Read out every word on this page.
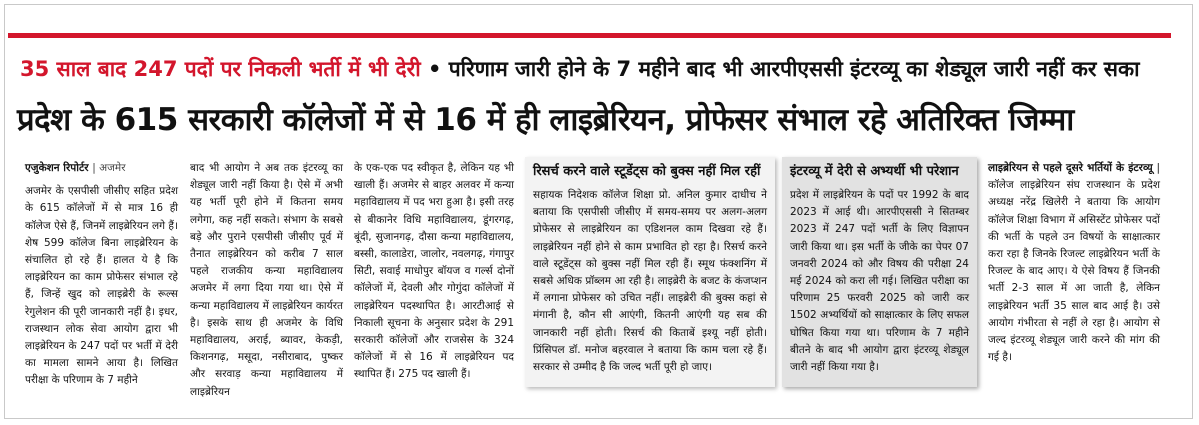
35 साल बाद 247 पदों पर निकली भर्ती में भी देरी • परिणाम जारी होने के 7 महीने बाद भी आरपीएससी इंटरव्यू का शेड्यूल जारी नहीं कर सका
प्रदेश के 615 सरकारी कॉलेजों में से 16 में ही लाइब्रेरियन, प्रोफेसर संभाल रहे अतिरिक्त जिम्मा
एजुकेशन रिपोर्टर | अजमेर

अजमेर के एसपीसी जीसीए सहित प्रदेश के 615 कॉलेजों में से मात्र 16 ही कॉलेज ऐसे हैं, जिनमें लाइब्रेरियन लगे हैं। शेष 599 कॉलेज बिना लाइब्रेरियन के संचालित हो रहे हैं। हालत ये है कि लाइब्रेरियन का काम प्रोफेसर संभाल रहे हैं, जिन्हें खुद को लाइब्रेरी के रूल्स रेगुलेशन की पूरी जानकारी नहीं है। इधर, राजस्थान लोक सेवा आयोग द्वारा भी लाइब्रेरियन के 247 पदों पर भर्ती में देरी का मामला सामने आया है। लिखित परीक्षा के परिणाम के 7 महीने

बाद भी आयोग ने अब तक इंटरव्यू का शेड्यूल जारी नहीं किया है। ऐसे में अभी यह भर्ती पूरी होने में कितना समय लगेगा, कह नहीं सकते। संभाग के सबसे बड़े और पुराने एसपीसी जीसीए पूर्व में तैनात लाइब्रेरियन को करीब 7 साल पहले राजकीय कन्या महाविद्यालय अजमेर में लगा दिया गया था। ऐसे में कन्या महाविद्यालय में लाइब्रेरियन कार्यरत है। इसके साथ ही अजमेर के विधि महाविद्यालय, अराई, ब्यावर, केकड़ी, किशनगढ़, मसूदा, नसीराबाद, पुष्कर और सरवाड़ कन्या महाविद्यालय में लाइब्रेरियन

के एक-एक पद स्वीकृत है, लेकिन यह भी खाली हैं। अजमेर से बाहर अलवर में कन्या महाविद्यालय में पद भरा हुआ है। इसी तरह से बीकानेर विधि महाविद्यालय, डूंगरगढ़, बूंदी, सुजानगढ़, दौसा कन्या महाविद्यालय, बस्सी, कालाडेरा, जालोर, नवलगढ़, गंगापुर सिटी, सवाई माधोपुर बॉयज व गर्ल्स दोनों कॉलेजों में, देवली और गोगुंदा कॉलेजों में लाइब्रेरियन पदस्थापित है। आरटीआई से निकाली सूचना के अनुसार प्रदेश के 291 सरकारी कॉलेजों और राजसेस के 324 कॉलेजों में से 16 में लाइब्रेरियन पद स्थापित हैं। 275 पद खाली हैं।

रिसर्च करने वाले स्टूडेंट्स को बुक्स नहीं मिल रहीं

सहायक निदेशक कॉलेज शिक्षा प्रो. अनिल कुमार दाधीच ने बताया कि एसपीसी जीसीए में समय-समय पर अलग-अलग प्रोफेसर से लाइब्रेरियन का एडिशनल काम दिखवा रहे हैं। लाइब्रेरियन नहीं होने से काम प्रभावित हो रहा है। रिसर्च करने वाले स्टूडेंट्स को बुक्स नहीं मिल रही हैं। स्मूथ फंक्शनिंग में सबसे अधिक प्रॉब्लम आ रही है। लाइब्रेरी के बजट के कंजप्शन में लगाना प्रोफेसर को उचित नहीं। लाइब्रेरी की बुक्स कहां से मंगानी है, कौन सी आएंगी, कितनी आएंगी यह सब की जानकारी नहीं होती। रिसर्च की किताबें इश्यू नहीं होती। प्रिंसिपल डॉ. मनोज बहरवाल ने बताया कि काम चला रहे हैं। सरकार से उम्मीद है कि जल्द भर्ती पूरी हो जाए।

इंटरव्यू में देरी से अभ्यर्थी भी परेशान

प्रदेश में लाइब्रेरियन के पदों पर 1992 के बाद 2023 में आई थी। आरपीएससी ने सितम्बर 2023 में 247 पदों भर्ती के लिए विज्ञापन जारी किया था। इस भर्ती के जीके का पेपर 07 जनवरी 2024 को और विषय की परीक्षा 24 मई 2024 को करा ली गई। लिखित परीक्षा का परिणाम 25 फरवरी 2025 को जारी कर 1502 अभ्यर्थियों को साक्षात्कार के लिए सफल घोषित किया गया था। परिणाम के 7 महीने बीतने के बाद भी आयोग द्वारा इंटरव्यू शेड्यूल जारी नहीं किया गया है।

लाइब्रेरियन से पहले दूसरे भर्तियों के इंटरव्यू | कॉलेज लाइब्रेरियन संघ राजस्थान के प्रदेश अध्यक्ष नरेंद्र खिलेरी ने बताया कि आयोग कॉलेज शिक्षा विभाग में असिस्टेंट प्रोफेसर पदों की भर्ती के पहले उन विषयों के साक्षात्कार करा रहा है जिनके रिजल्ट लाइब्रेरियन भर्ती के रिजल्ट के बाद आए। ये ऐसे विषय हैं जिनकी भर्ती 2-3 साल में आ जाती है, लेकिन लाइब्रेरियन भर्ती 35 साल बाद आई है। उसे आयोग गंभीरता से नहीं ले रहा है। आयोग से जल्द इंटरव्यू शेड्यूल जारी करने की मांग की गई है।
